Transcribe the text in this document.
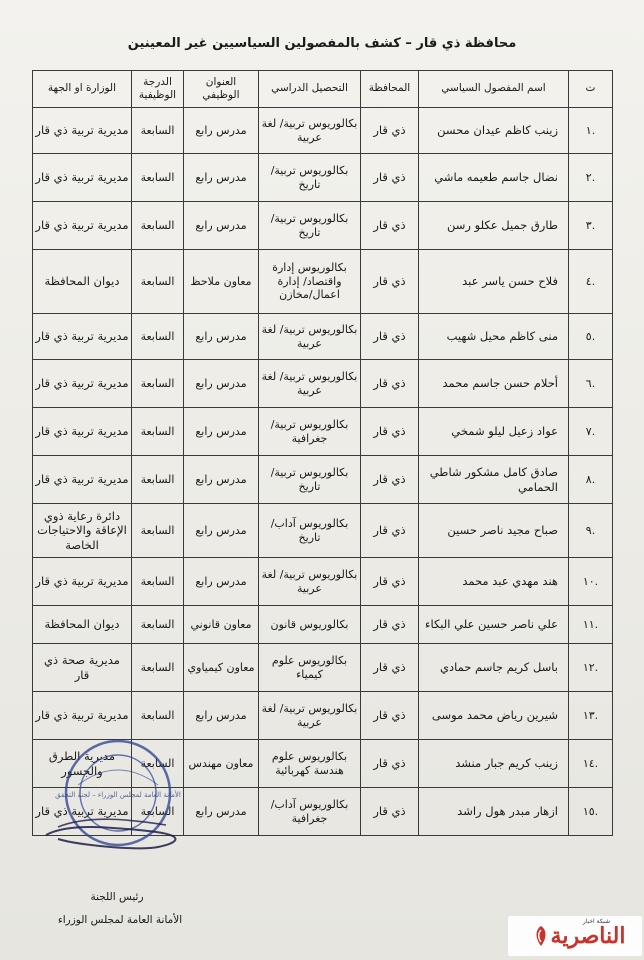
محافظة ذي قار – كشف بالمفصولين السياسيين غير المعينين
ت	اسم المفصول السياسي	المحافظة	التحصيل الدراسي	العنوان الوظيفي	الدرجة الوظيفية	الوزارة او الجهة
.١	زينب كاظم عيدان محسن	ذي قار	بكالوريوس تربية/ لغة عربية	مدرس رابع	السابعة	مديرية تربية ذي قار
.٢	نضال جاسم طعيمه ماشي	ذي قار	بكالوريوس تربية/ تاريخ	مدرس رابع	السابعة	مديرية تربية ذي قار
.٣	طارق جميل عكلو رسن	ذي قار	بكالوريوس تربية/ تاريخ	مدرس رابع	السابعة	مديرية تربية ذي قار
.٤	فلاح حسن ياسر عبد	ذي قار	بكالوريوس إدارة واقتصاد/ إدارة اعمال/مخازن	معاون ملاحظ	السابعة	ديوان المحافظة
.٥	منى كاظم محيل شهيب	ذي قار	بكالوريوس تربية/ لغة عربية	مدرس رابع	السابعة	مديرية تربية ذي قار
.٦	أحلام حسن جاسم محمد	ذي قار	بكالوريوس تربية/ لغة عربية	مدرس رابع	السابعة	مديرية تربية ذي قار
.٧	عواد زعيل ليلو شمخي	ذي قار	بكالوريوس تربية/ جغرافية	مدرس رابع	السابعة	مديرية تربية ذي قار
.٨	صادق كامل مشكور شاطي الحمامي	ذي قار	بكالوريوس تربية/ تاريخ	مدرس رابع	السابعة	مديرية تربية ذي قار
.٩	صباح مجيد ناصر حسين	ذي قار	بكالوريوس آداب/ تاريخ	مدرس رابع	السابعة	دائرة رعاية ذوي الإعاقة والاحتياجات الخاصة
.١٠	هند مهدي عبد محمد	ذي قار	بكالوريوس تربية/ لغة عربية	مدرس رابع	السابعة	مديرية تربية ذي قار
.١١	علي ناصر حسين علي البكاء	ذي قار	بكالوريوس قانون	معاون قانوني	السابعة	ديوان المحافظة
.١٢	باسل كريم جاسم حمادي	ذي قار	بكالوريوس علوم كيمياء	معاون كيمياوي	السابعة	مديرية صحة ذي قار
.١٣	شيرين رياض محمد موسى	ذي قار	بكالوريوس تربية/ لغة عربية	مدرس رابع	السابعة	مديرية تربية ذي قار
.١٤	زينب كريم جبار منشد	ذي قار	بكالوريوس علوم هندسة كهربائية	معاون مهندس	السابعة	مديرية الطرق والجسور
.١٥	ازهار مبدر هول راشد	ذي قار	بكالوريوس آداب/جغرافية	مدرس رابع	السابعة	مديرية تربية ذي قار
الأمانة العامة لمجلس الوزراء – لجنة التحقق
رئيس اللجنة
الأمانة العامة لمجلس الوزراء	شبكة اخبار
الناصرية
